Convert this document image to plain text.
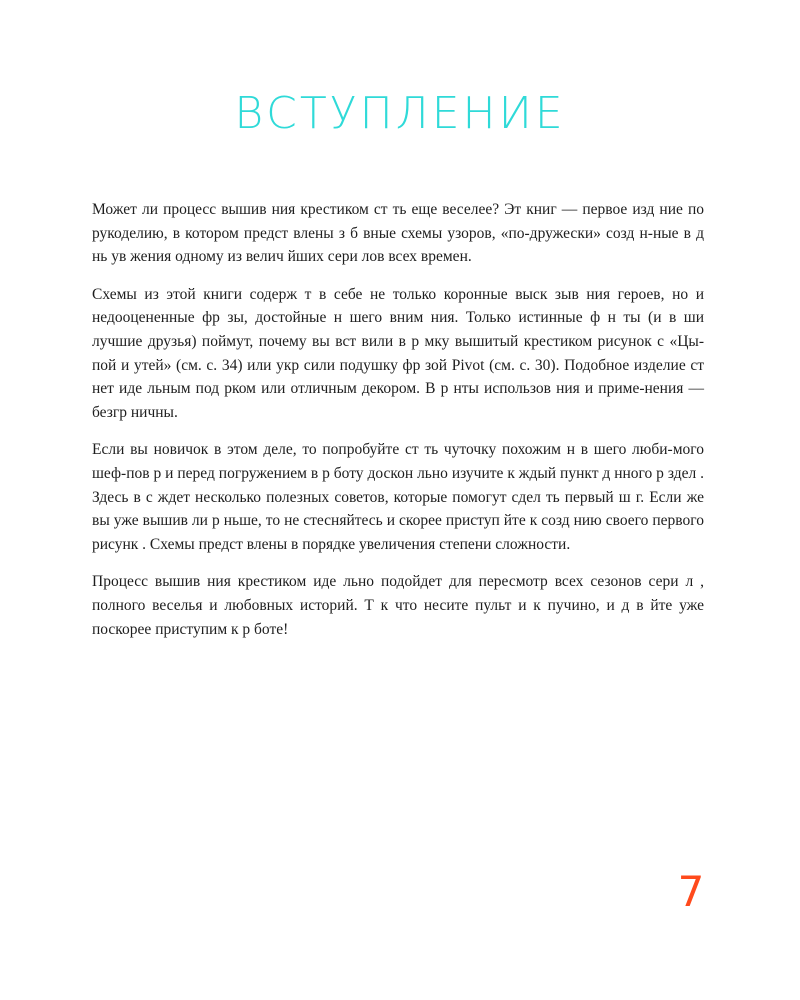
ВСТУПЛЕНИЕ

Может ли процесс вышив ния крестиком ст ть еще веселее? Эт книг — первое изд ние по рукоделию, в котором предст влены з б вные схемы узоров, «по-дружески» созд н-ные в д нь ув жения одному из велич йших сери лов всех времен.

Схемы из этой книги содерж т в себе не только коронные выск зыв ния героев, но и недооцененные фр зы, достойные н шего вним ния. Только истинные ф н ты (и в ши лучшие друзья) поймут, почему вы вст вили в р мку вышитый крестиком рисунок с «Цы-пой и утей» (см. с. 34) или укр сили подушку фр зой Pivot (см. с. 30). Подобное изделие ст нет иде льным под рком или отличным декором. В р нты использов ния и приме-нения — безгр ничны.

Если вы новичок в этом деле, то попробуйте ст ть чуточку похожим н в шего люби-мого шеф-пов р и перед погружением в р боту доскон льно изучите к ждый пункт д нного р здел . Здесь в с ждет несколько полезных советов, которые помогут сдел ть первый ш г. Если же вы уже вышив ли р ньше, то не стесняйтесь и скорее приступ йте к созд нию своего первого рисунк . Схемы предст влены в порядке увеличения степени сложности.

Процесс вышив ния крестиком иде льно подойдет для пересмотр всех сезонов сери л , полного веселья и любовных историй. Т к что несите пульт и к пучино, и д в йте уже поскорее приступим к р боте!

7
